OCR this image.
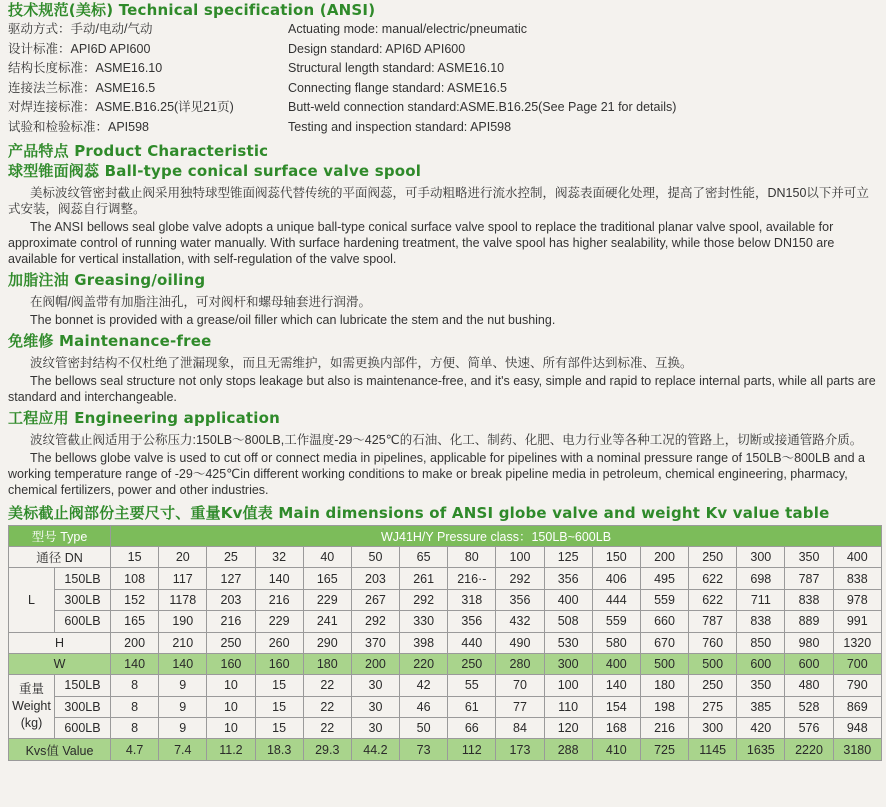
技术规范(美标) Technical specification (ANSI)
驱动方式：手动/电动/气动	Actuating mode: manual/electric/pneumatic
设计标准：API6D API600	Design standard: API6D API600
结构长度标准：ASME16.10	Structural length standard: ASME16.10
连接法兰标准：ASME16.5	Connecting flange standard: ASME16.5
对焊连接标准：ASME.B16.25(详见21页)	Butt-weld connection standard:ASME.B16.25(See Page 21 for details)
试验和检验标准：API598	Testing and inspection standard: API598
产品特点 Product Characteristic
球型锥面阀蕊 Ball-type conical surface valve spool

美标波纹管密封截止阀采用独特球型锥面阀蕊代替传统的平面阀蕊，可手动粗略进行流水控制，阀蕊表面硬化处理，提高了密封性能，DN150以下并可立式安装，阀蕊自行调整。

The ANSI bellows seal globe valve adopts a unique ball-type conical surface valve spool to replace the traditional planar valve spool, available for approximate control of running water manually. With surface hardening treatment, the valve spool has higher sealability, while those below DN150 are available for vertical installation, with self-regulation of the valve spool.

加脂注油 Greasing/oiling

在阀帽/阀盖带有加脂注油孔，可对阀杆和螺母轴套进行润滑。

The bonnet is provided with a grease/oil filler which can lubricate the stem and the nut bushing.

免维修 Maintenance-free

波纹管密封结构不仅杜绝了泄漏现象，而且无需维护，如需更换内部件，方便、简单、快速、所有部件达到标准、互换。

The bellows seal structure not only stops leakage but also is maintenance-free, and it's easy, simple and rapid to replace internal parts, while all parts are standard and interchangeable.

工程应用 Engineering application

波纹管截止阀适用于公称压力:150LB～800LB,工作温度-29～425℃的石油、化工、制药、化肥、电力行业等各种工况的管路上，切断或接通管路介质。

The bellows globe valve is used to cut off or connect media in pipelines, applicable for pipelines with a nominal pressure range of 150LB～800LB and a working temperature range of -29～425℃in different working conditions to make or break pipeline media in petroleum, chemical engineering, pharmacy, chemical fertilizers, power and other industries.

美标截止阀部份主要尺寸、重量Kv值表 Main dimensions of ANSI globe valve and weight Kv value table
型号 Type		WJ41H/Y Pressure class：150LB~600LB															
通径 DN		15	20	25	32	40	50	65	80	100	125	150	200	250	300	350	400
L	150LB	108	117	127	140	165	203	261	216·-	292	356	406	495	622	698	787	838
	300LB	152	1178	203	216	229	267	292	318	356	400	444	559	622	711	838	978
	600LB	165	190	216	229	241	292	330	356	432	508	559	660	787	838	889	991
H		200	210	250	260	290	370	398	440	490	530	580	670	760	850	980	1320
W		140	140	160	160	180	200	220	250	280	300	400	500	500	600	600	700

重量
Weight
(kg)	150LB	8	9	10	15	22	30	42	55	70	100	140	180	250	350	480	790
	300LB	8	9	10	15	22	30	46	61	77	110	154	198	275	385	528	869
	600LB	8	9	10	15	22	30	50	66	84	120	168	216	300	420	576	948
Kvs值 Value		4.7	7.4	11.2	18.3	29.3	44.2	73	112	173	288	410	725	1145	1635	2220	3180
